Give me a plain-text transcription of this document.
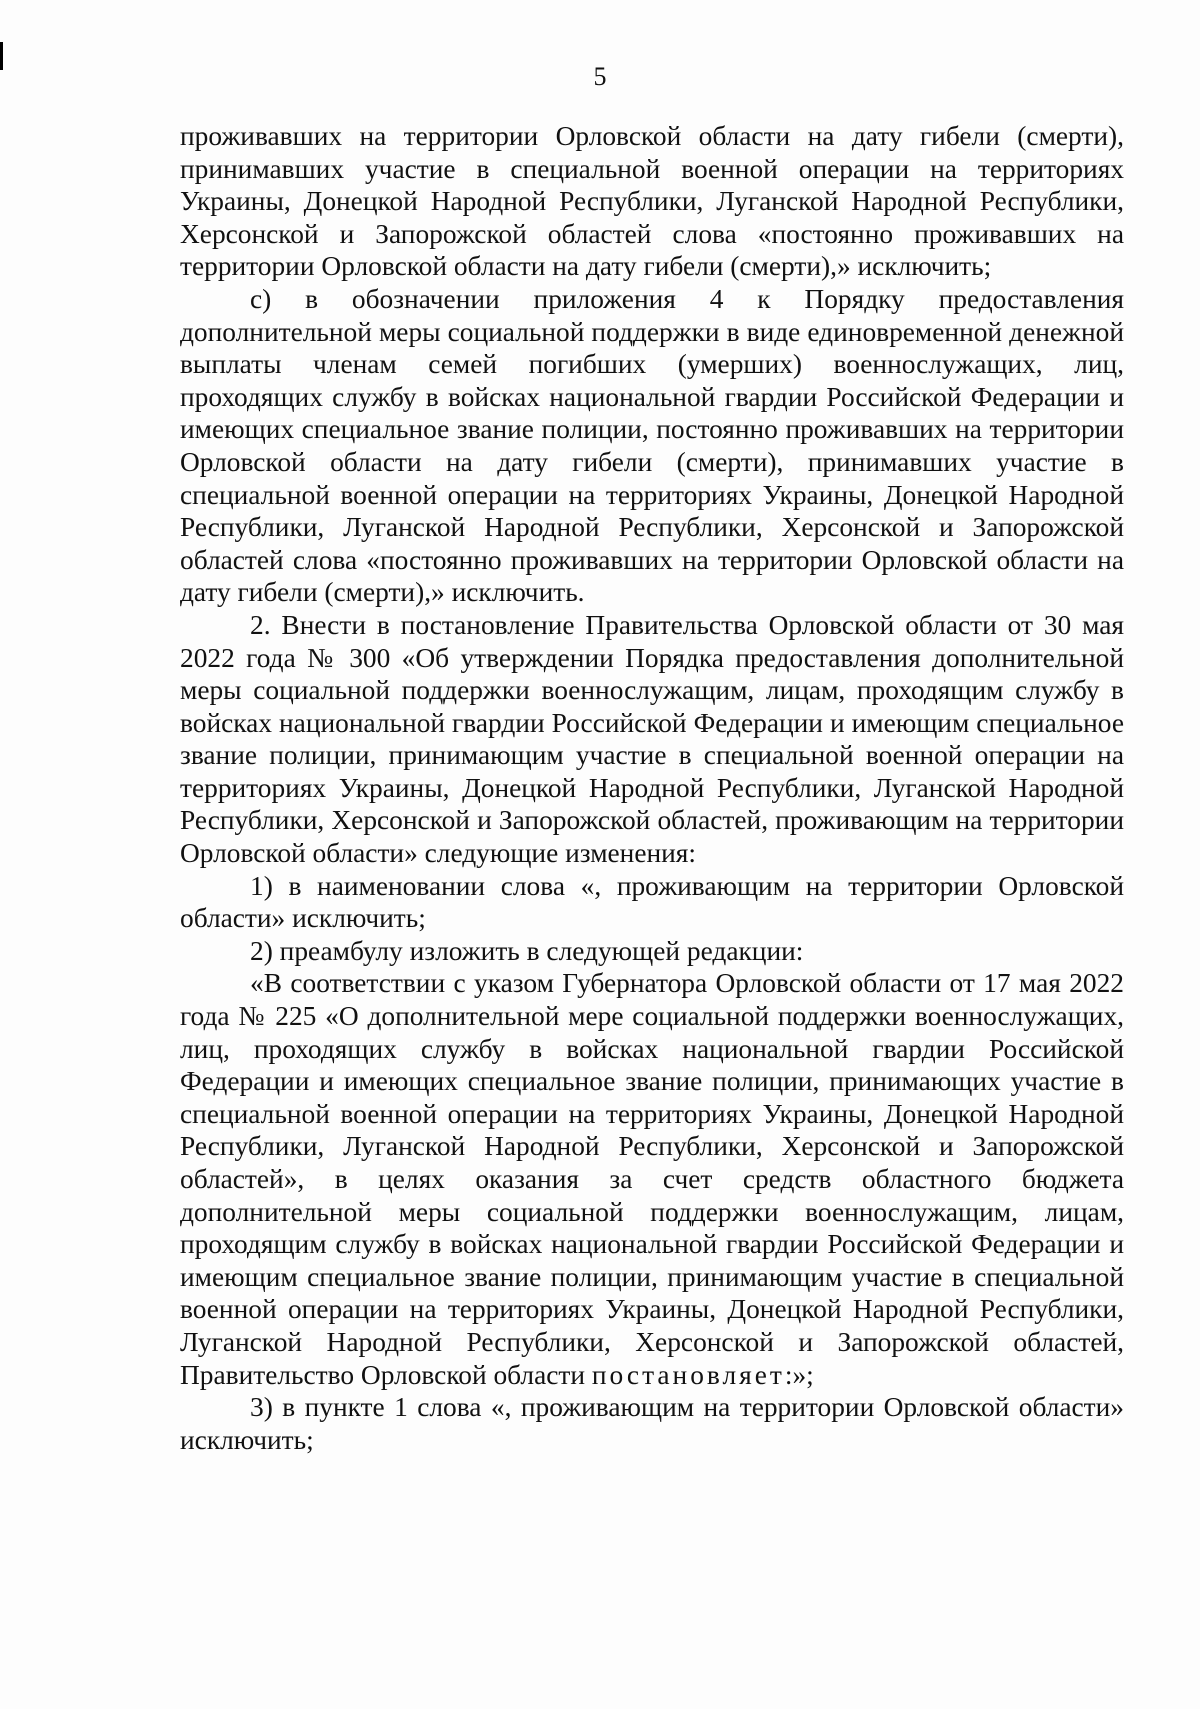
5

проживавших на территории Орловской области на дату гибели (смерти), принимавших участие в специальной военной операции на территориях Украины, Донецкой Народной Республики, Луганской Народной Республики, Херсонской и Запорожской областей слова «постоянно проживавших на территории Орловской области на дату гибели (смерти),» исключить;

с) в обозначении приложения 4 к Порядку предоставления дополнительной меры социальной поддержки в виде единовременной денежной выплаты членам семей погибших (умерших) военнослужащих, лиц, проходящих службу в войсках национальной гвардии Российской Федерации и имеющих специальное звание полиции, постоянно проживавших на территории Орловской области на дату гибели (смерти), принимавших участие в специальной военной операции на территориях Украины, Донецкой Народной Республики, Луганской Народной Республики, Херсонской и Запорожской областей слова «постоянно проживавших на территории Орловской области на дату гибели (смерти),» исключить.

2. Внести в постановление Правительства Орловской области от 30 мая 2022 года № 300 «Об утверждении Порядка предоставления дополнительной меры социальной поддержки военнослужащим, лицам, проходящим службу в войсках национальной гвардии Российской Федерации и имеющим специальное звание полиции, принимающим участие в специальной военной операции на территориях Украины, Донецкой Народной Республики, Луганской Народной Республики, Херсонской и Запорожской областей, проживающим на территории Орловской области» следующие изменения:

1) в наименовании слова «, проживающим на территории Орловской области» исключить;

2) преамбулу изложить в следующей редакции:

«В соответствии с указом Губернатора Орловской области от 17 мая 2022 года № 225 «О дополнительной мере социальной поддержки военнослужащих, лиц, проходящих службу в войсках национальной гвардии Российской Федерации и имеющих специальное звание полиции, принимающих участие в специальной военной операции на территориях Украины, Донецкой Народной Республики, Луганской Народной Республики, Херсонской и Запорожской областей», в целях оказания за счет средств областного бюджета дополнительной меры социальной поддержки военнослужащим, лицам, проходящим службу в войсках национальной гвардии Российской Федерации и имеющим специальное звание полиции, принимающим участие в специальной военной операции на территориях Украины, Донецкой Народной Республики, Луганской Народной Республики, Херсонской и Запорожской областей, Правительство Орловской области постановляет:»;

3) в пункте 1 слова «, проживающим на территории Орловской области» исключить;
